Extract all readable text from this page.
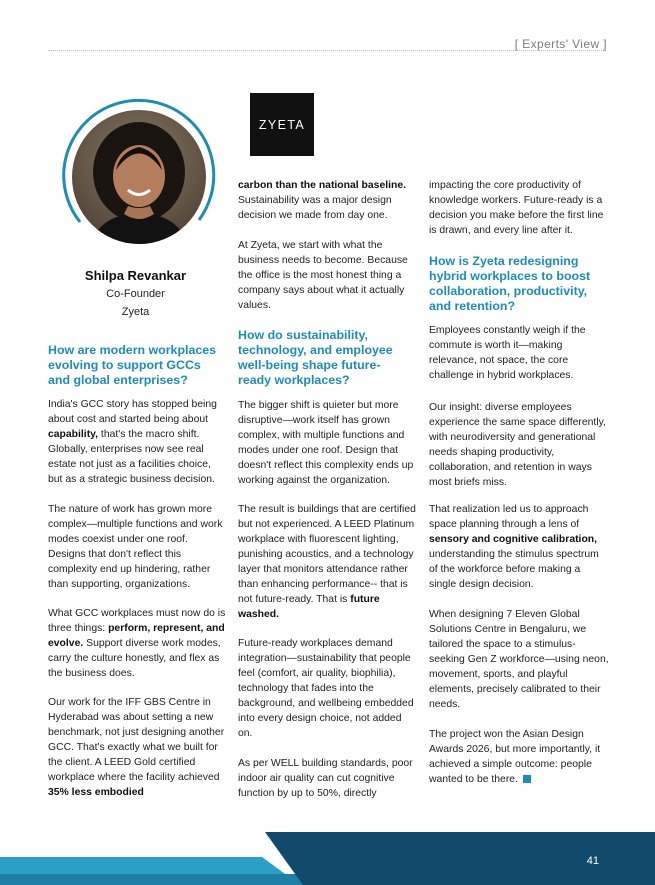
[ Experts' View ]
ZYETA
Shilpa Revankar
Co-Founder
Zyeta
How are modern workplaces evolving to support GCCs and global enterprises?

India's GCC story has stopped being about cost and started being about capability, that's the macro shift. Globally, enterprises now see real estate not just as a facilities choice, but as a strategic business decision.

The nature of work has grown more complex—multiple functions and work modes coexist under one roof. Designs that don't reflect this complexity end up hindering, rather than supporting, organizations.

What GCC workplaces must now do is three things: perform, represent, and evolve. Support diverse work modes, carry the culture honestly, and flex as the business does.

Our work for the IFF GBS Centre in Hyderabad was about setting a new benchmark, not just designing another GCC. That's exactly what we built for the client. A LEED Gold certified workplace where the facility achieved 35% less embodied

carbon than the national baseline. Sustainability was a major design decision we made from day one.

At Zyeta, we start with what the business needs to become. Because the office is the most honest thing a company says about what it actually values.

How do sustainability, technology, and employee well-being shape future-ready workplaces?

The bigger shift is quieter but more disruptive—work itself has grown complex, with multiple functions and modes under one roof. Design that doesn't reflect this complexity ends up working against the organization.

The result is buildings that are certified but not experienced. A LEED Platinum workplace with fluorescent lighting, punishing acoustics, and a technology layer that monitors attendance rather than enhancing performance-- that is not future-ready. That is future washed.

Future-ready workplaces demand integration—sustainability that people feel (comfort, air quality, biophilia), technology that fades into the background, and wellbeing embedded into every design choice, not added on.

As per WELL building standards, poor indoor air quality can cut cognitive function by up to 50%, directly

impacting the core productivity of knowledge workers. Future-ready is a decision you make before the first line is drawn, and every line after it.

How is Zyeta redesigning hybrid workplaces to boost collaboration, productivity, and retention?

Employees constantly weigh if the commute is worth it—making relevance, not space, the core challenge in hybrid workplaces.

Our insight: diverse employees experience the same space differently, with neurodiversity and generational needs shaping productivity, collaboration, and retention in ways most briefs miss.

That realization led us to approach space planning through a lens of sensory and cognitive calibration, understanding the stimulus spectrum of the workforce before making a single design decision.

When designing 7 Eleven Global Solutions Centre in Bengaluru, we tailored the space to a stimulus-seeking Gen Z workforce—using neon, movement, sports, and playful elements, precisely calibrated to their needs.

The project won the Asian Design Awards 2026, but more importantly, it achieved a simple outcome: people wanted to be there.

41
